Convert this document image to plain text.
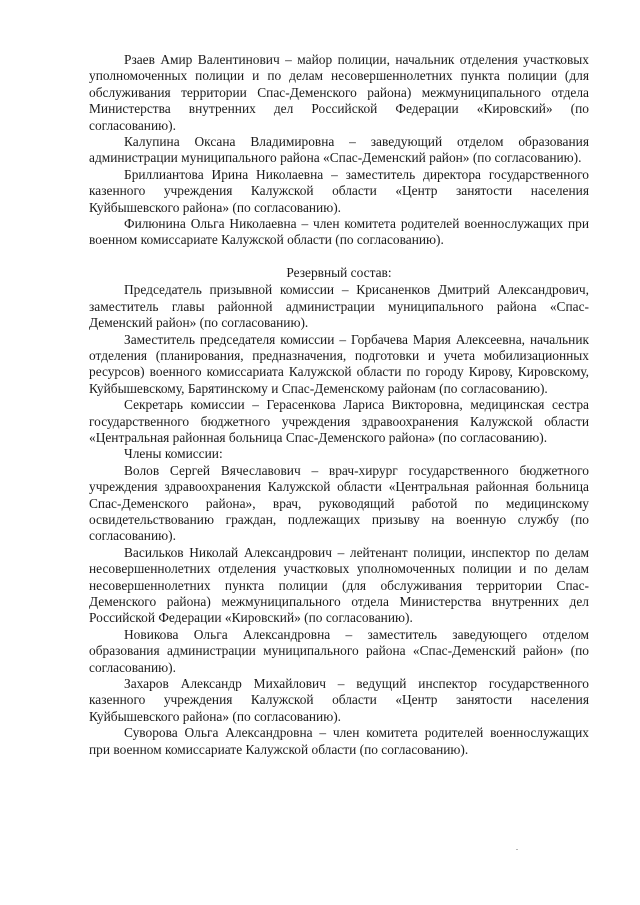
Рзаев Амир Валентинович – майор полиции, начальник отделения участковых уполномоченных полиции и по делам несовершеннолетних пункта полиции (для обслуживания территории Спас-Деменского района) межмуниципального отдела Министерства внутренних дел Российской Федерации «Кировский» (по согласованию).

Калупина Оксана Владимировна – заведующий отделом образования администрации муниципального района «Спас-Деменский район» (по согласованию).

Бриллиантова Ирина Николаевна – заместитель директора государственного казенного учреждения Калужской области «Центр занятости населения Куйбышевского района» (по согласованию).

Филюнина Ольга Николаевна – член комитета родителей военнослужащих при военном комиссариате Калужской области (по согласованию).

Резервный состав:

Председатель призывной комиссии – Крисаненков Дмитрий Александрович, заместитель главы районной администрации муниципального района «Спас-Деменский район» (по согласованию).

Заместитель председателя комиссии – Горбачева Мария Алексеевна, начальник отделения (планирования, предназначения, подготовки и учета мобилизационных ресурсов) военного комиссариата Калужской области по городу Кирову, Кировскому, Куйбышевскому, Барятинскому и Спас-Деменскому районам (по согласованию).

Секретарь комиссии – Герасенкова Лариса Викторовна, медицинская сестра государственного бюджетного учреждения здравоохранения Калужской области «Центральная районная больница Спас-Деменского района» (по согласованию).

Члены комиссии:

Волов Сергей Вячеславович – врач-хирург государственного бюджетного учреждения здравоохранения Калужской области «Центральная районная больница Спас-Деменского района», врач, руководящий работой по медицинскому освидетельствованию граждан, подлежащих призыву на военную службу (по согласованию).

Васильков Николай Александрович – лейтенант полиции, инспектор по делам несовершеннолетних отделения участковых уполномоченных полиции и по делам несовершеннолетних пункта полиции (для обслуживания территории Спас-Деменского района) межмуниципального отдела Министерства внутренних дел Российской Федерации «Кировский» (по согласованию).

Новикова Ольга Александровна – заместитель заведующего отделом образования администрации муниципального района «Спас-Деменский район» (по согласованию).

Захаров Александр Михайлович – ведущий инспектор государственного казенного учреждения Калужской области «Центр занятости населения Куйбышевского района» (по согласованию).

Суворова Ольга Александровна – член комитета родителей военнослужащих при военном комиссариате Калужской области (по согласованию).
